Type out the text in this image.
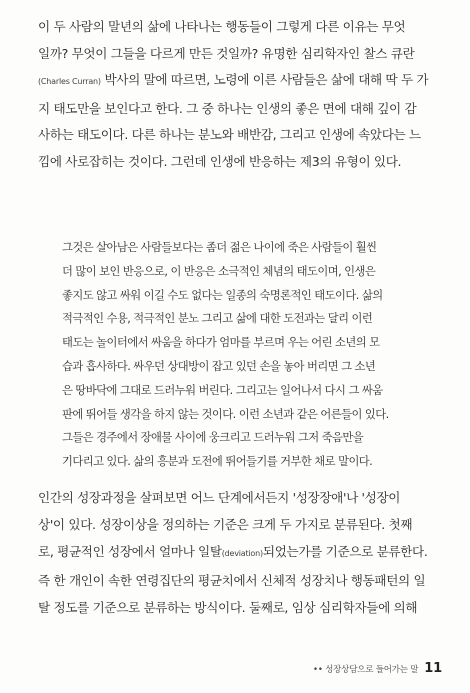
이 두 사람의 말년의 삶에 나타나는 행동들이 그렇게 다른 이유는 무엇
일까? 무엇이 그들을 다르게 만든 것일까? 유명한 심리학자인 찰스 큐란
(Charles Curran) 박사의 말에 따르면, 노령에 이른 사람들은 삶에 대해 딱 두 가
지 태도만을 보인다고 한다. 그 중 하나는 인생의 좋은 면에 대해 깊이 감
사하는 태도이다. 다른 하나는 분노와 배반감, 그리고 인생에 속았다는 느
낌에 사로잡히는 것이다. 그런데 인생에 반응하는 제3의 유형이 있다.

그것은 살아남은 사람들보다는 좀더 젊은 나이에 죽은 사람들이 훨씬
더 많이 보인 반응으로, 이 반응은 소극적인 체념의 태도이며, 인생은
좋지도 않고 싸워 이길 수도 없다는 일종의 숙명론적인 태도이다. 삶의
적극적인 수용, 적극적인 분노 그리고 삶에 대한 도전과는 달리 이런
태도는 놀이터에서 싸움을 하다가 엄마를 부르며 우는 어린 소년의 모
습과 흡사하다. 싸우던 상대방이 잡고 있던 손을 놓아 버리면 그 소년
은 땅바닥에 그대로 드러누워 버린다. 그리고는 일어나서 다시 그 싸움
판에 뛰어들 생각을 하지 않는 것이다. 이런 소년과 같은 어른들이 있다.
그들은 경주에서 장애물 사이에 웅크리고 드러누워 그저 죽음만을
기다리고 있다. 삶의 흥분과 도전에 뛰어들기를 거부한 채로 말이다.

인간의 성장과정을 살펴보면 어느 단계에서든지 '성장장애'나 '성장이
상'이 있다. 성장이상을 정의하는 기준은 크게 두 가지로 분류된다. 첫째
로, 평균적인 성장에서 얼마나 일탈(deviation)되었는가를 기준으로 분류한다.
즉 한 개인이 속한 연령집단의 평균치에서 신체적 성장치나 행동패턴의 일
탈 정도를 기준으로 분류하는 방식이다. 둘째로, 임상 심리학자들에 의해

•• 성장상담으로 들어가는 말 11
